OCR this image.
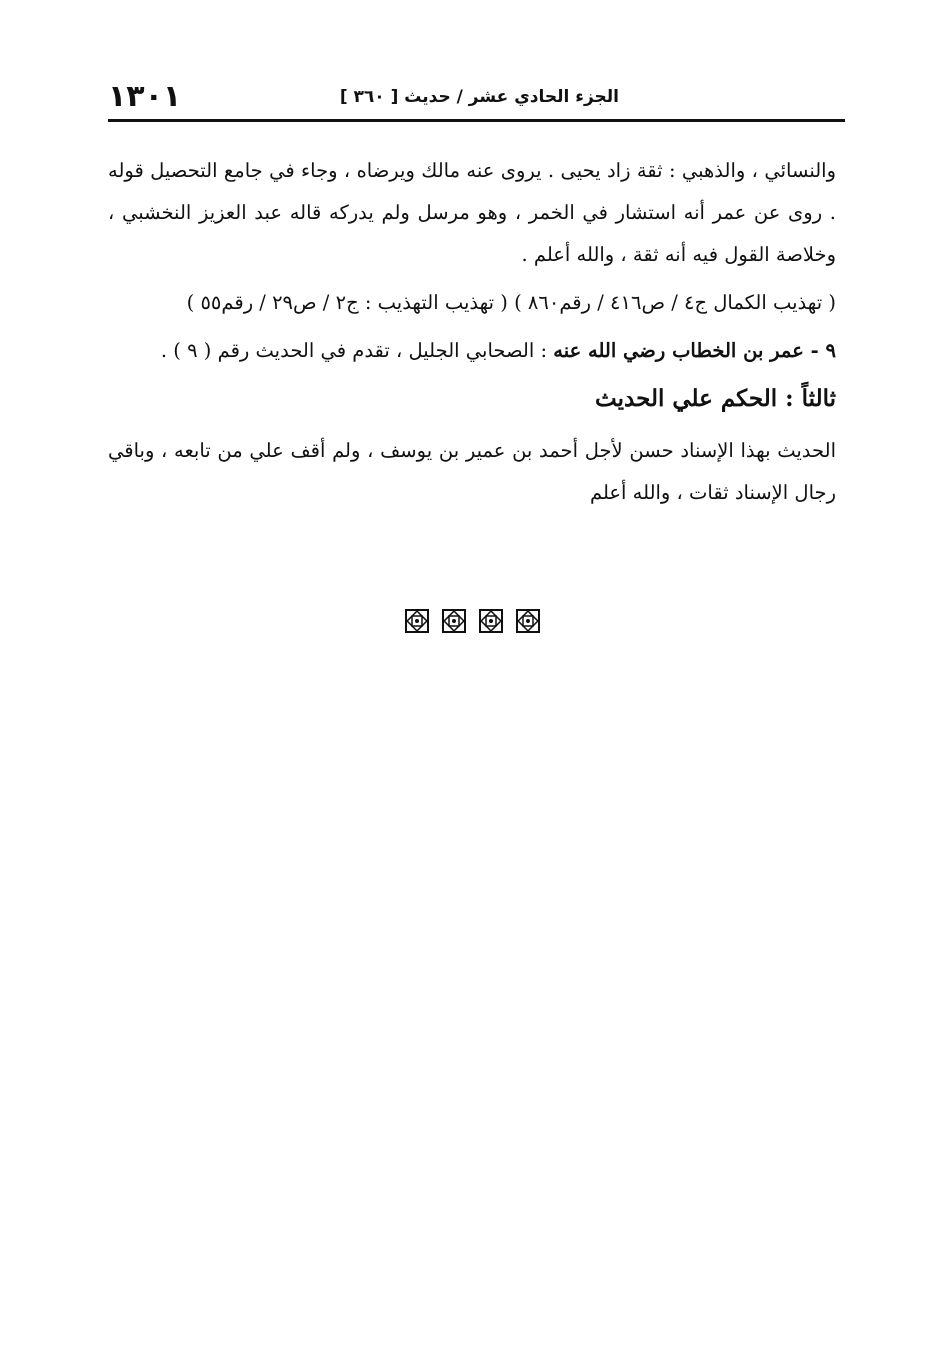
١٣٠١	الجزء الحادي عشر / حديث [ ٣٦٠ ]

والنسائي ، والذهبي : ثقة زاد يحيى . يروى عنه مالك ويرضاه ، وجاء في جامع التحصيل قوله . روى عن عمر أنه استشار في الخمر ، وهو مرسل ولم يدركه قاله عبد العزيز النخشبي ، وخلاصة القول فيه أنه ثقة ، والله أعلم .

( تهذيب الكمال ج٤ / ص٤١٦ / رقم٨٦٠ ) ( تهذيب التهذيب : ج٢ / ص٢٩ / رقم٥٥ )

٩ - عمر بن الخطاب رضي الله عنه : الصحابي الجليل ، تقدم في الحديث رقم ( ٩ ) .

ثالثاً : الحكم علي الحديث

الحديث بهذا الإسناد حسن لأجل أحمد بن عمير بن يوسف ، ولم أقف علي من تابعه ، وباقي رجال الإسناد ثقات ، والله أعلم
